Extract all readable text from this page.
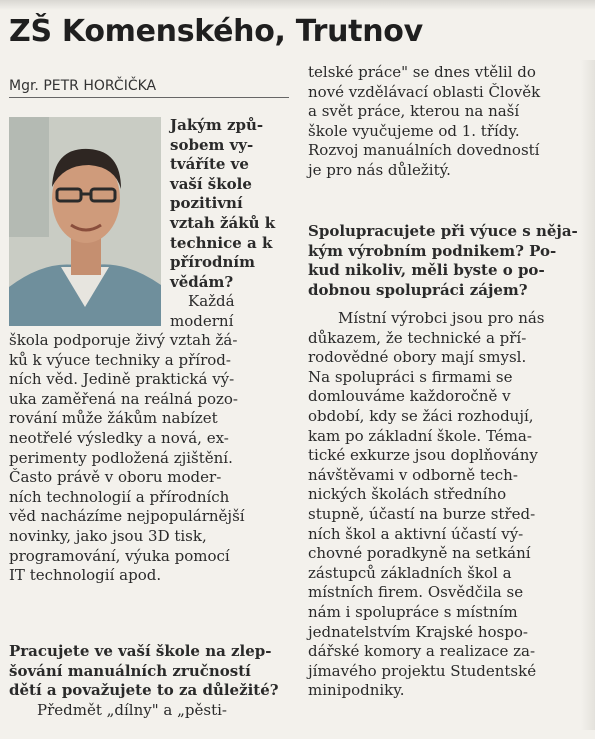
ZŠ Komenského, Trutnov
Mgr. PETR HORČIČKA
Jakým způ-
sobem vy-
tváříte ve
vaší škole
pozitivní
vztah žáků k
technice a k
přírodním
vědám?
Každá
moderní
škola podporuje živý vztah žá-
ků k výuce techniky a přírod-
ních věd. Jedině praktická vý-
uka zaměřená na reálná pozo-
rování může žákům nabízet
neotřelé výsledky a nová, ex-
perimenty podložená zjištění.
Často právě v oboru moder-
ních technologií a přírodních
věd nacházíme nejpopulárnější
novinky, jako jsou 3D tisk,
programování, výuka pomocí
IT technologií apod.
Pracujete ve vaší škole na zlep-
šování manuálních zručností
dětí a považujete to za důležité?
Předmět „dílny" a „pěsti-
telské práce" se dnes vtělil do
nové vzdělávací oblasti Člověk
a svět práce, kterou na naší
škole vyučujeme od 1. třídy.
Rozvoj manuálních dovedností
je pro nás důležitý.
Spolupracujete při výuce s něja-
kým výrobním podnikem? Po-
kud nikoliv, měli byste o po-
dobnou spolupráci zájem?
Místní výrobci jsou pro nás
důkazem, že technické a pří-
rodovědné obory mají smysl.
Na spolupráci s firmami se
domlouváme každoročně v
období, kdy se žáci rozhodují,
kam po základní škole. Téma-
tické exkurze jsou doplňovány
návštěvami v odborně tech-
nických školách středního
stupně, účastí na burze střed-
ních škol a aktivní účastí vý-
chovné poradkyně na setkání
zástupců základních škol a
místních firem. Osvědčila se
nám i spolupráce s místním
jednatelstvím Krajské hospo-
dářské komory a realizace za-
jímavého projektu Studentské
minipodniky.
